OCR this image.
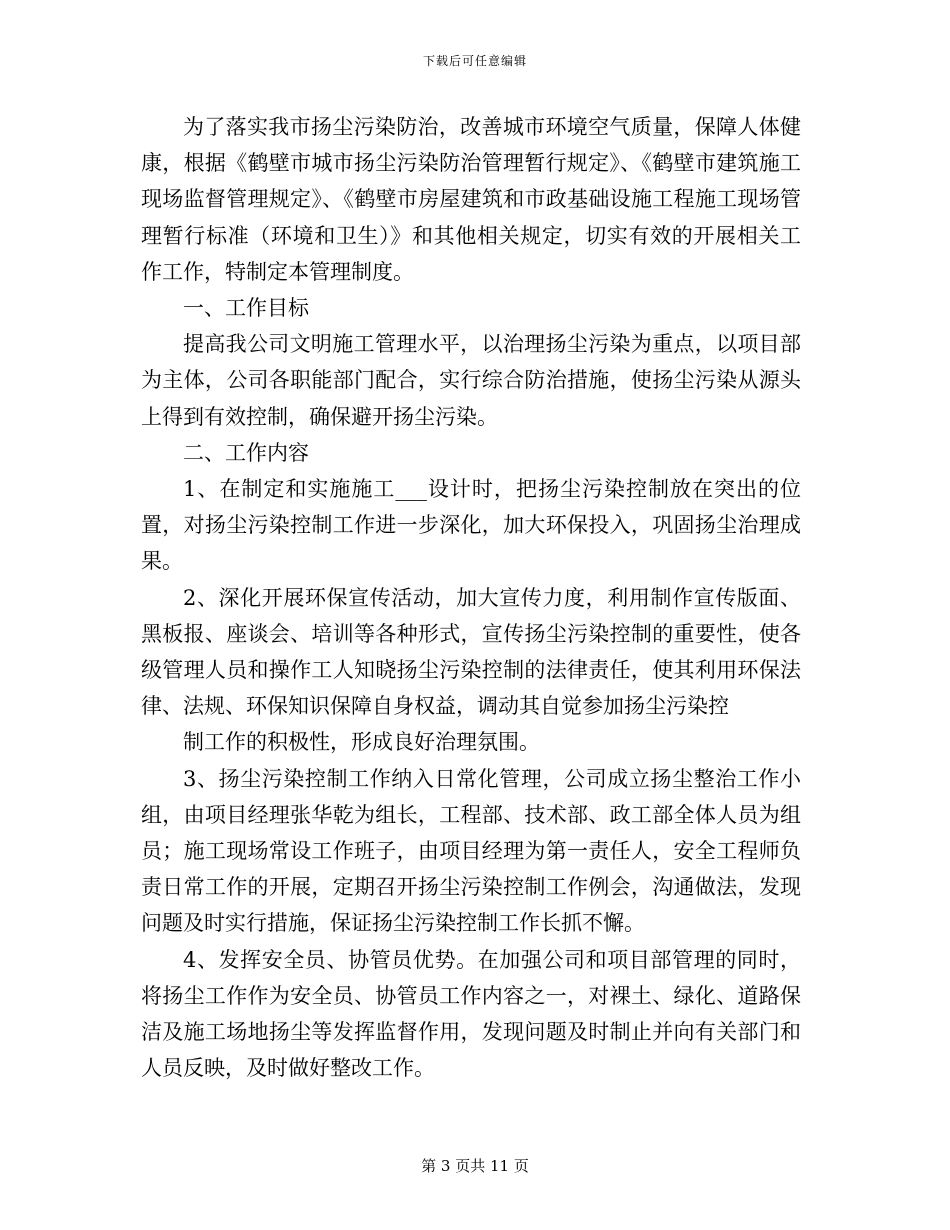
下载后可任意编辑

为了落实我市扬尘污染防治，改善城市环境空气质量，保障人体健康，根据《鹤壁市城市扬尘污染防治管理暂行规定》、《鹤壁市建筑施工现场监督管理规定》、《鹤壁市房屋建筑和市政基础设施工程施工现场管理暂行标准（环境和卫生）》和其他相关规定，切实有效的开展相关工作工作，特制定本管理制度。

一、工作目标

提高我公司文明施工管理水平，以治理扬尘污染为重点，以项目部为主体，公司各职能部门配合，实行综合防治措施，使扬尘污染从源头上得到有效控制，确保避开扬尘污染。

二、工作内容

1、在制定和实施施工___设计时，把扬尘污染控制放在突出的位置，对扬尘污染控制工作进一步深化，加大环保投入，巩固扬尘治理成果。

2、深化开展环保宣传活动，加大宣传力度，利用制作宣传版面、黑板报、座谈会、培训等各种形式，宣传扬尘污染控制的重要性，使各级管理人员和操作工人知晓扬尘污染控制的法律责任，使其利用环保法律、法规、环保知识保障自身权益，调动其自觉参加扬尘污染控

制工作的积极性，形成良好治理氛围。

3、扬尘污染控制工作纳入日常化管理，公司成立扬尘整治工作小组，由项目经理张华乾为组长，工程部、技术部、政工部全体人员为组员；施工现场常设工作班子，由项目经理为第一责任人，安全工程师负责日常工作的开展，定期召开扬尘污染控制工作例会，沟通做法，发现问题及时实行措施，保证扬尘污染控制工作长抓不懈。

4、发挥安全员、协管员优势。在加强公司和项目部管理的同时，将扬尘工作作为安全员、协管员工作内容之一，对裸土、绿化、道路保洁及施工场地扬尘等发挥监督作用，发现问题及时制止并向有关部门和人员反映，及时做好整改工作。

第 3 页共 11 页
